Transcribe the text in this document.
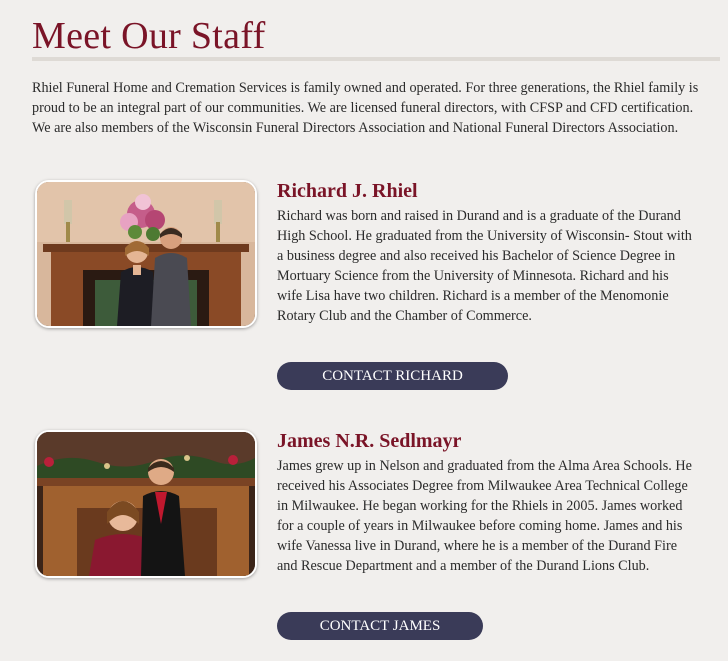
Meet Our Staff

Rhiel Funeral Home and Cremation Services is family owned and operated. For three generations, the Rhiel family is proud to be an integral part of our communities. We are licensed funeral directors, with CFSP and CFD certification. We are also members of the Wisconsin Funeral Directors Association and National Funeral Directors Association.

Richard J. Rhiel

Richard was born and raised in Durand and is a graduate of the Durand High School. He graduated from the University of Wisconsin- Stout with a business degree and also received his Bachelor of Science Degree in Mortuary Science from the University of Minnesota. Richard and his wife Lisa have two children. Richard is a member of the Menomonie Rotary Club and the Chamber of Commerce.

CONTACT RICHARD
James N.R. Sedlmayr

James grew up in Nelson and graduated from the Alma Area Schools. He received his Associates Degree from Milwaukee Area Technical College in Milwaukee. He began working for the Rhiels in 2005. James worked for a couple of years in Milwaukee before coming home. James and his wife Vanessa live in Durand, where he is a member of the Durand Fire and Rescue Department and a member of the Durand Lions Club.

CONTACT JAMES
